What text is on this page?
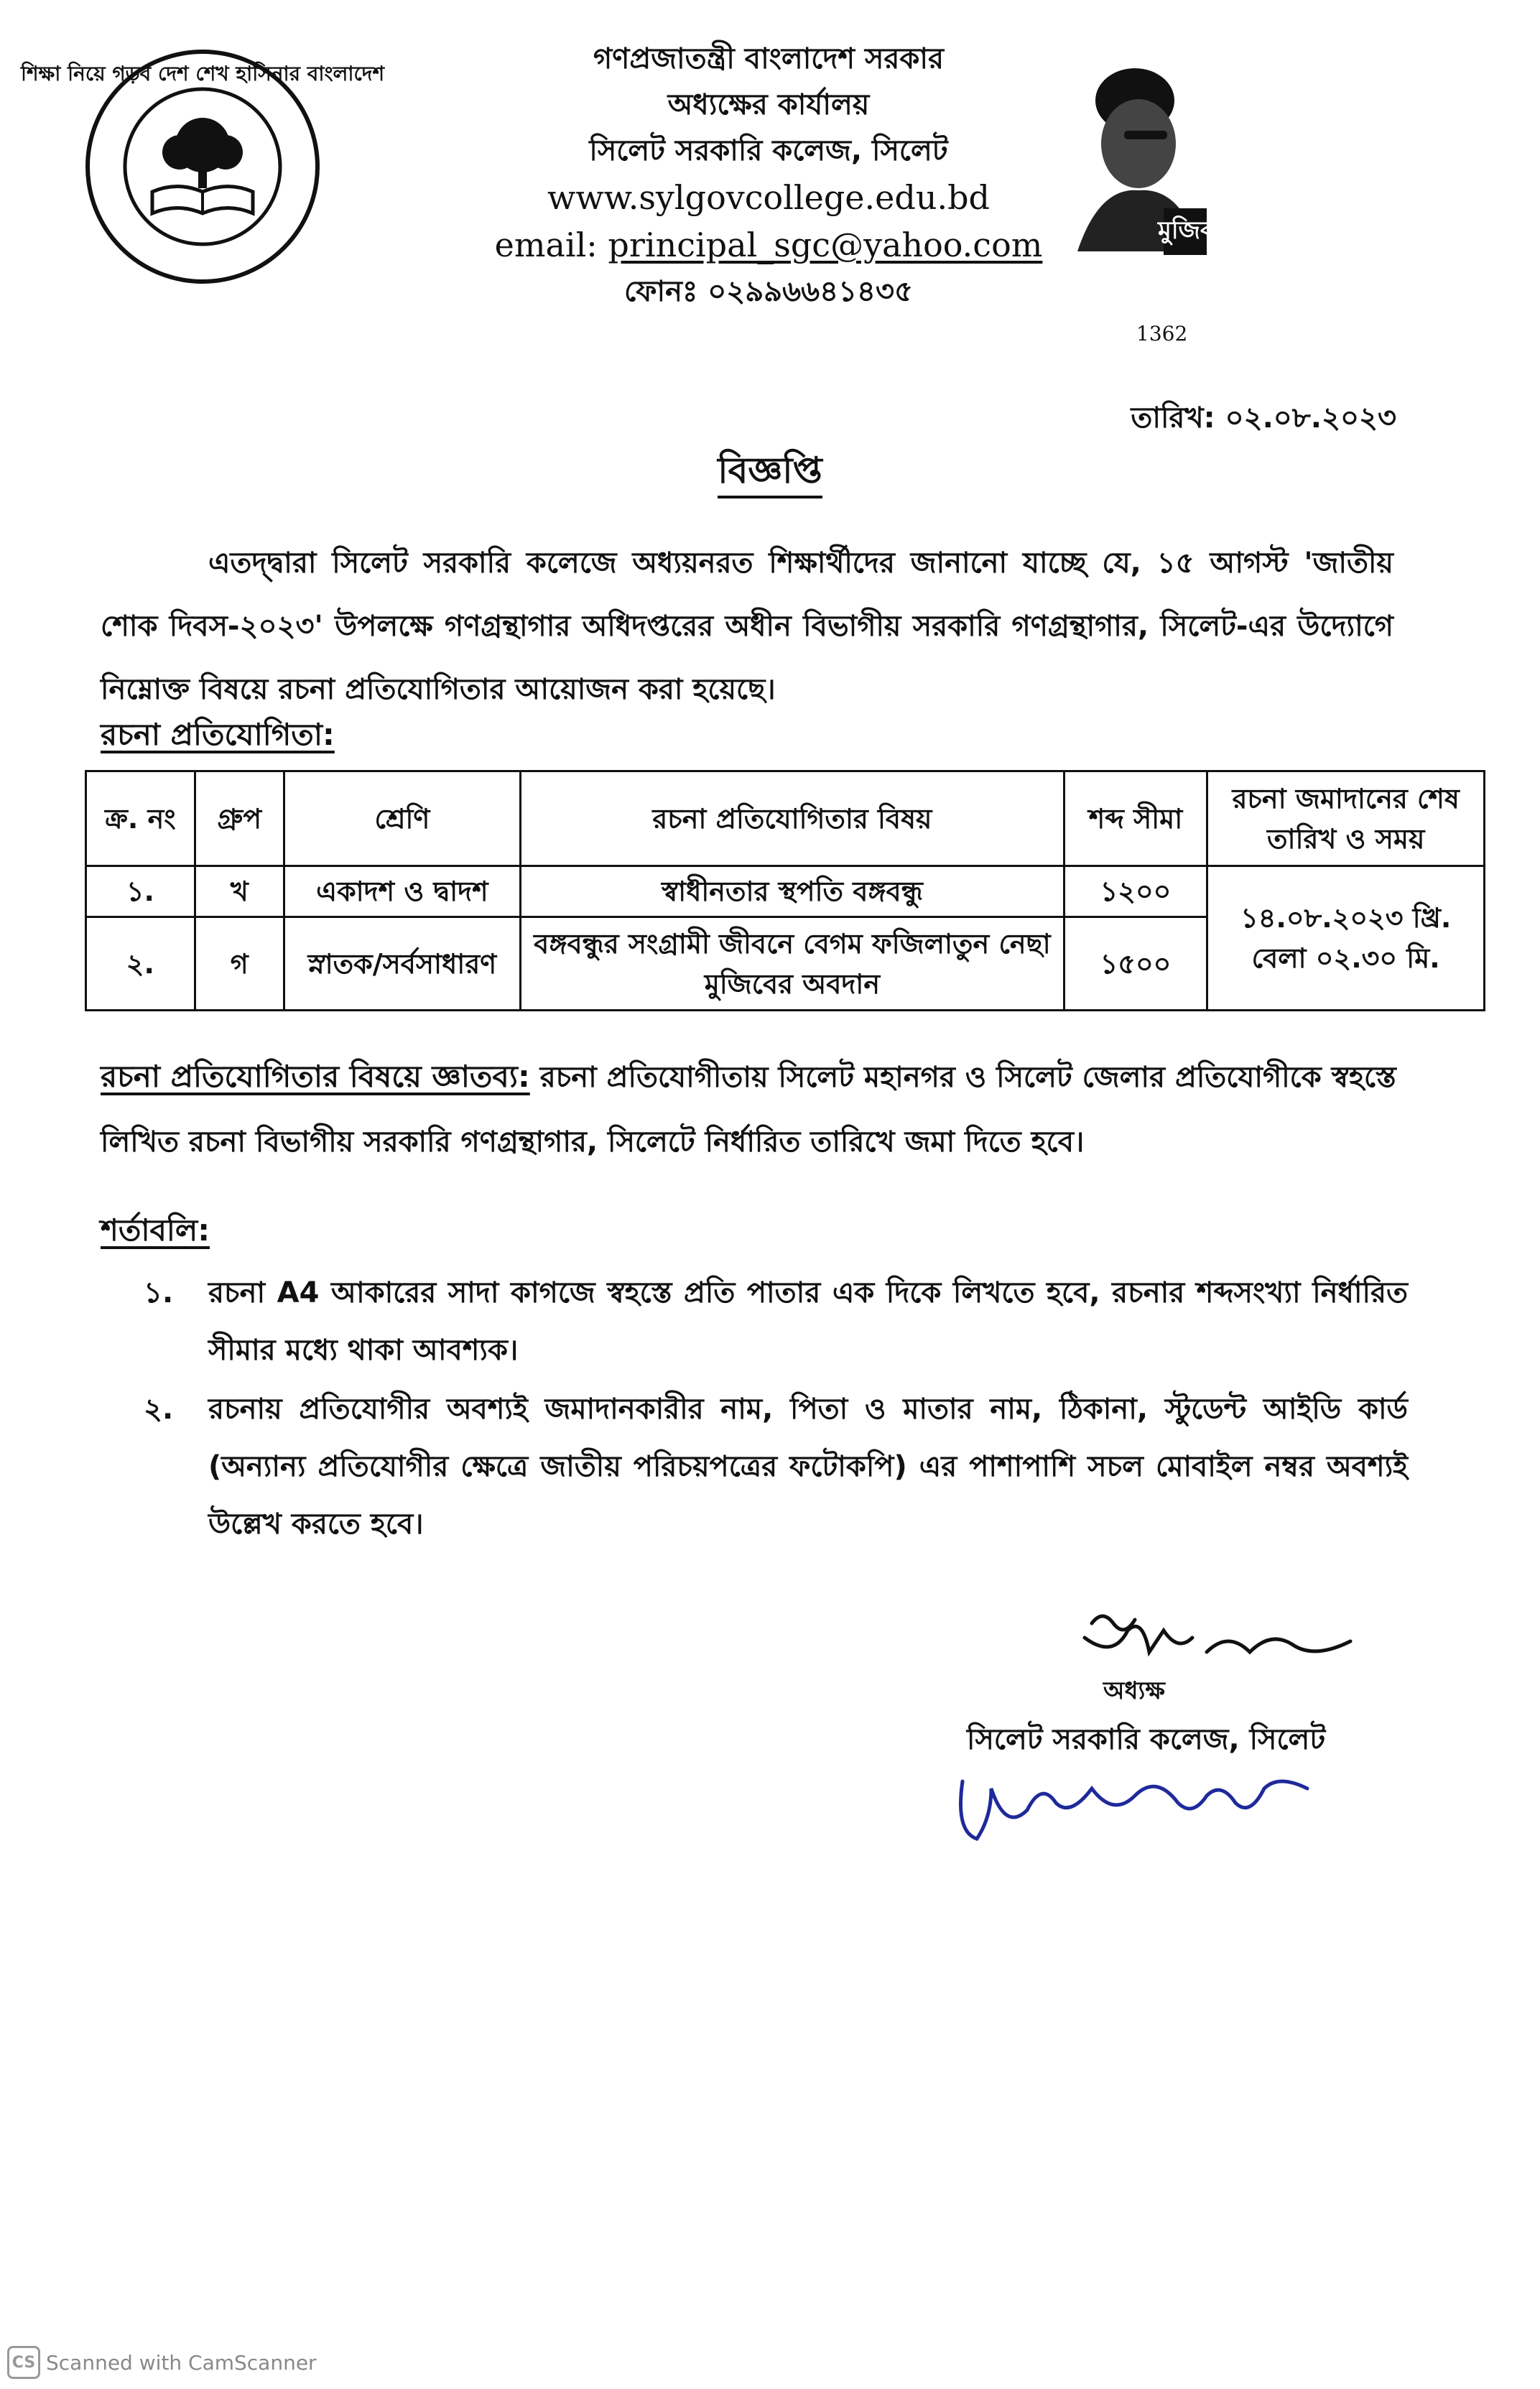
শিক্ষা নিয়ে গড়ব দেশ শেখ হাসিনার বাংলাদেশ	গণপ্রজাতন্ত্রী বাংলাদেশ সরকার
অধ্যক্ষের কার্যালয়
সিলেট সরকারি কলেজ, সিলেট
www.sylgovcollege.edu.bd
email: principal_sgc@yahoo.com
ফোনঃ ০২৯৯৬৬৪১৪৩৫
মুজিব ১০০
1362
তারিখ: ০২.০৮.২০২৩
বিজ্ঞপ্তি
এতদ্দ্বারা সিলেট সরকারি কলেজে অধ্যয়নরত শিক্ষার্থীদের জানানো যাচ্ছে যে, ১৫ আগস্ট 'জাতীয় শোক দিবস-২০২৩' উপলক্ষে গণগ্রন্থাগার অধিদপ্তরের অধীন বিভাগীয় সরকারি গণগ্রন্থাগার, সিলেট-এর উদ্যোগে নিম্নোক্ত বিষয়ে রচনা প্রতিযোগিতার আয়োজন করা হয়েছে।
রচনা প্রতিযোগিতা:
ক্র. নং	গ্রুপ	শ্রেণি	রচনা প্রতিযোগিতার বিষয়	শব্দ সীমা	রচনা জমাদানের শেষ তারিখ ও সময়
১.	খ	একাদশ ও দ্বাদশ	স্বাধীনতার স্থপতি বঙ্গবন্ধু	১২০০	১৪.০৮.২০২৩ খ্রি.
বেলা ০২.৩০ মি.

২.	গ	স্নাতক/সর্বসাধারণ	বঙ্গবন্ধুর সংগ্রামী জীবনে বেগম ফজিলাতুন নেছা মুজিবের অবদান	১৫০০	
রচনা প্রতিযোগিতার বিষয়ে জ্ঞাতব্য: রচনা প্রতিযোগীতায় সিলেট মহানগর ও সিলেট জেলার প্রতিযোগীকে স্বহস্তে লিখিত রচনা বিভাগীয় সরকারি গণগ্রন্থাগার, সিলেটে নির্ধারিত তারিখে জমা দিতে হবে।
শর্তাবলি:
১.	রচনা A4 আকারের সাদা কাগজে স্বহস্তে প্রতি পাতার এক দিকে লিখতে হবে, রচনার শব্দসংখ্যা নির্ধারিত সীমার মধ্যে থাকা আবশ্যক।
২.	রচনায় প্রতিযোগীর অবশ্যই জমাদানকারীর নাম, পিতা ও মাতার নাম, ঠিকানা, স্টুডেন্ট আইডি কার্ড (অন্যান্য প্রতিযোগীর ক্ষেত্রে জাতীয় পরিচয়পত্রের ফটোকপি) এর পাশাপাশি সচল মোবাইল নম্বর অবশ্যই উল্লেখ করতে হবে।
অধ্যক্ষ
সিলেট সরকারি কলেজ, সিলেট
CS Scanned with CamScanner
